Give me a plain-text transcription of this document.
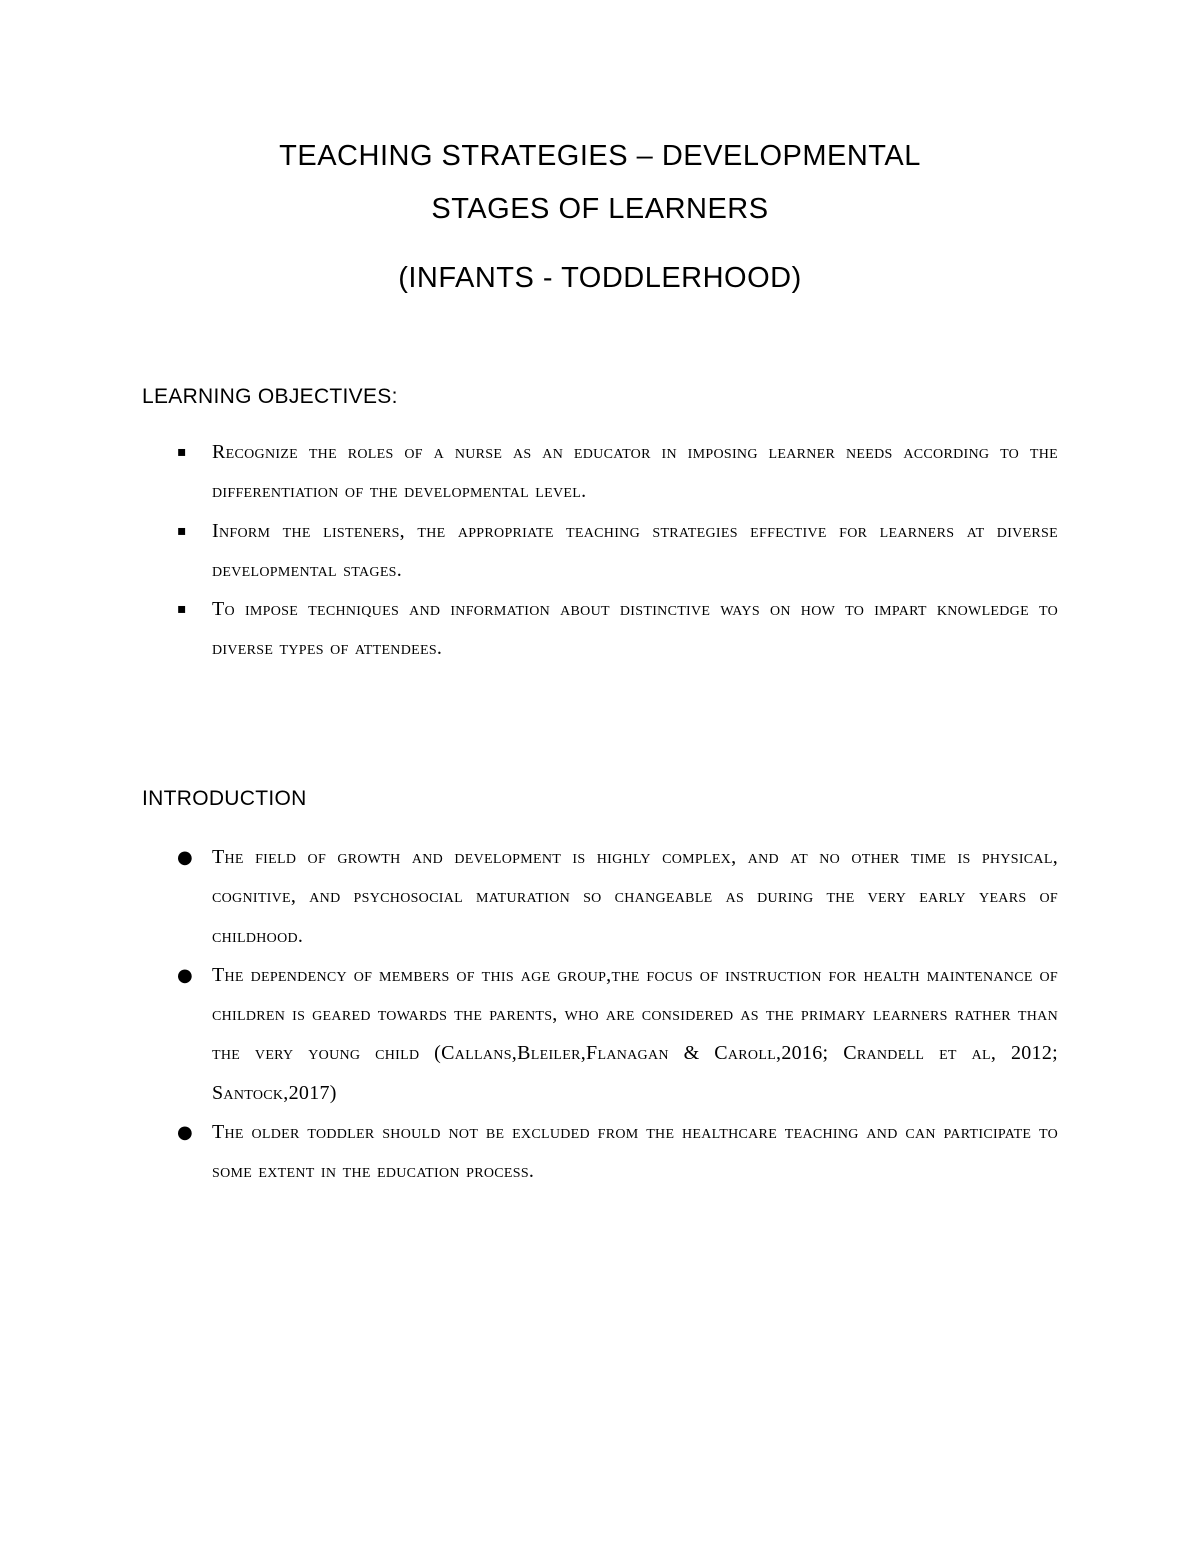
TEACHING STRATEGIES – DEVELOPMENTAL
STAGES OF LEARNERS
(INFANTS - TODDLERHOOD)
LEARNING OBJECTIVES:
▪ Recognize the roles of a nurse as an educator in imposing learner needs according to the differentiation of the developmental level.
▪ Inform the listeners, the appropriate teaching strategies effective for learners at diverse developmental stages.
▪ To impose techniques and information about distinctive ways on how to impart knowledge to diverse types of attendees.
INTRODUCTION
● The field of growth and development is highly complex, and at no other time is physical, cognitive, and psychosocial maturation so changeable as during the very early years of childhood.
● The dependency of members of this age group,the focus of instruction for health maintenance of children is geared towards the parents, who are considered as the primary learners rather than the very young child (Callans,Bleiler,Flanagan & Caroll,2016; Crandell et al, 2012; Santock,2017)
● The older toddler should not be excluded from the healthcare teaching and can participate to some extent in the education process.
